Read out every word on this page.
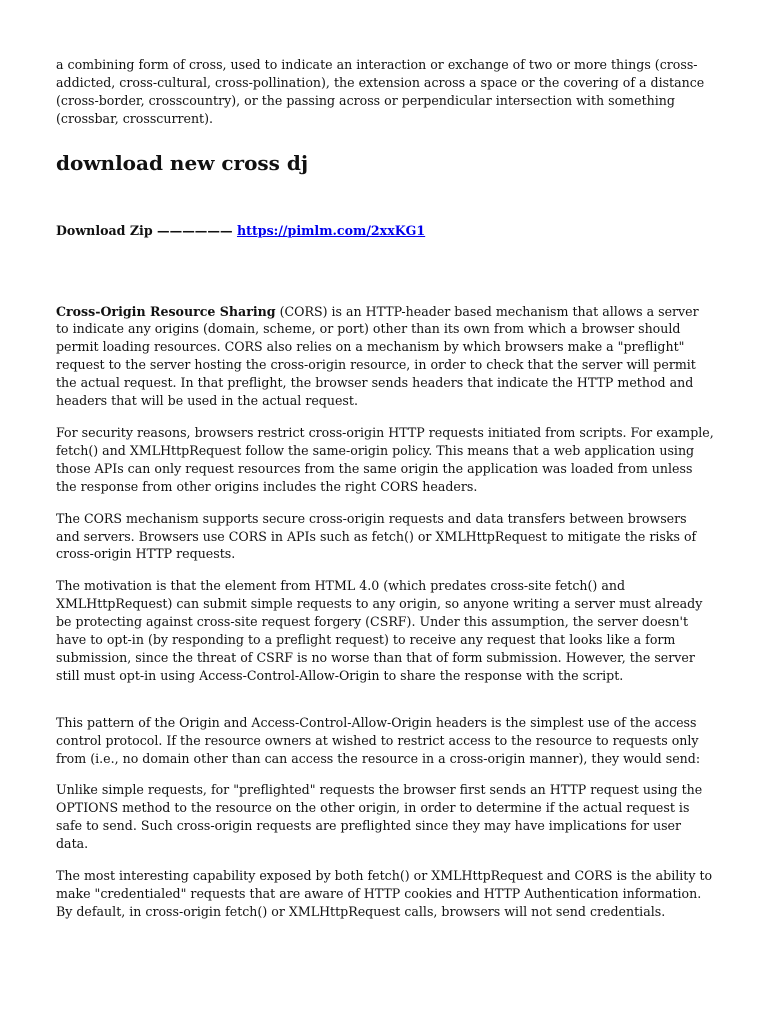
a combining form of cross, used to indicate an interaction or exchange of two or more things (cross-addicted, cross-cultural, cross-pollination), the extension across a space or the covering of a distance (cross-border, crosscountry), or the passing across or perpendicular intersection with something (crossbar, crosscurrent).

download new cross dj

Download Zip —————— https://pimlm.com/2xxKG1

Cross-Origin Resource Sharing (CORS) is an HTTP-header based mechanism that allows a server to indicate any origins (domain, scheme, or port) other than its own from which a browser should permit loading resources. CORS also relies on a mechanism by which browsers make a "preflight" request to the server hosting the cross-origin resource, in order to check that the server will permit the actual request. In that preflight, the browser sends headers that indicate the HTTP method and headers that will be used in the actual request.

For security reasons, browsers restrict cross-origin HTTP requests initiated from scripts. For example, fetch() and XMLHttpRequest follow the same-origin policy. This means that a web application using those APIs can only request resources from the same origin the application was loaded from unless the response from other origins includes the right CORS headers.

The CORS mechanism supports secure cross-origin requests and data transfers between browsers and servers. Browsers use CORS in APIs such as fetch() or XMLHttpRequest to mitigate the risks of cross-origin HTTP requests.

The motivation is that the element from HTML 4.0 (which predates cross-site fetch() and XMLHttpRequest) can submit simple requests to any origin, so anyone writing a server must already be protecting against cross-site request forgery (CSRF). Under this assumption, the server doesn't have to opt-in (by responding to a preflight request) to receive any request that looks like a form submission, since the threat of CSRF is no worse than that of form submission. However, the server still must opt-in using Access-Control-Allow-Origin to share the response with the script.

This pattern of the Origin and Access-Control-Allow-Origin headers is the simplest use of the access control protocol. If the resource owners at wished to restrict access to the resource to requests only from (i.e., no domain other than can access the resource in a cross-origin manner), they would send:

Unlike simple requests, for "preflighted" requests the browser first sends an HTTP request using the OPTIONS method to the resource on the other origin, in order to determine if the actual request is safe to send. Such cross-origin requests are preflighted since they may have implications for user data.

The most interesting capability exposed by both fetch() or XMLHttpRequest and CORS is the ability to make "credentialed" requests that are aware of HTTP cookies and HTTP Authentication information. By default, in cross-origin fetch() or XMLHttpRequest calls, browsers will not send credentials.
